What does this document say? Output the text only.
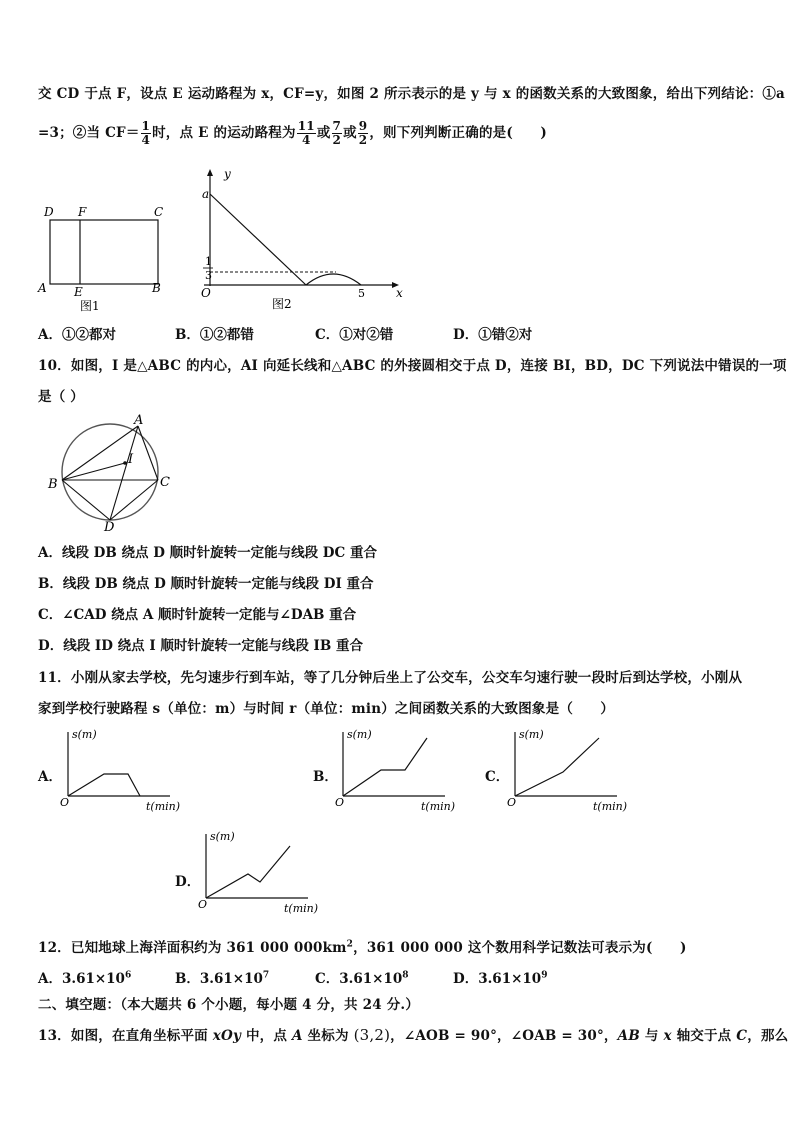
交 CD 于点 F，设点 E 运动路程为 x，CF=y，如图 2 所示表示的是 y 与 x 的函数关系的大致图象，给出下列结论：①a
=3；②当 $CF= \frac{1}{4}$ 时，点 E 的运动路程为 $\frac{11}{4}$ 或 $\frac{7}{2}$ 或 $\frac{9}{2}$ ，则下列判断正确的是(　　)
D F	C
A E	B
图1
y
a
1
3
O	5	x
图2
A．①②都对	B．①②都错	C．①对②错	D．①错②对
10．如图，I 是△ABC 的内心，AI 向延长线和△ABC 的外接圆相交于点 D，连接 BI，BD，DC 下列说法中错误的一项
是（ ）
A
I
B	C
D
A．线段 DB 绕点 D 顺时针旋转一定能与线段 DC 重合
B．线段 DB 绕点 D 顺时针旋转一定能与线段 DI 重合
C．∠CAD 绕点 A 顺时针旋转一定能与∠DAB 重合
D．线段 ID 绕点 I 顺时针旋转一定能与线段 IB 重合
11．小刚从家去学校，先匀速步行到车站，等了几分钟后坐上了公交车，公交车匀速行驶一段时后到达学校，小刚从
家到学校行驶路程 s（单位：m）与时间 r（单位：min）之间函数关系的大致图象是（　　）
A．
s(m)
O	t(min)
B．
s(m)
O	t(min)
C．
s(m)
O	t(min)
D．
s(m)
O	t(min)
12．已知地球上海洋面积约为 361 000 $000km^2$，361 000 000 这个数用科学记数法可表示为(　　)
A．$3.61\times 10^6$	B．$3.61\times 10^7$	C．$3.61\times 10^8$	D．$3.61\times 10^9$
二、填空题：（本大题共 6 个小题，每小题 4 分，共 24 分.）
13．如图，在直角坐标平面 xOy 中，点 A 坐标为 (3,2)，∠AOB = 90°，∠OAB = 30°，AB 与 x 轴交于点 C，那么
